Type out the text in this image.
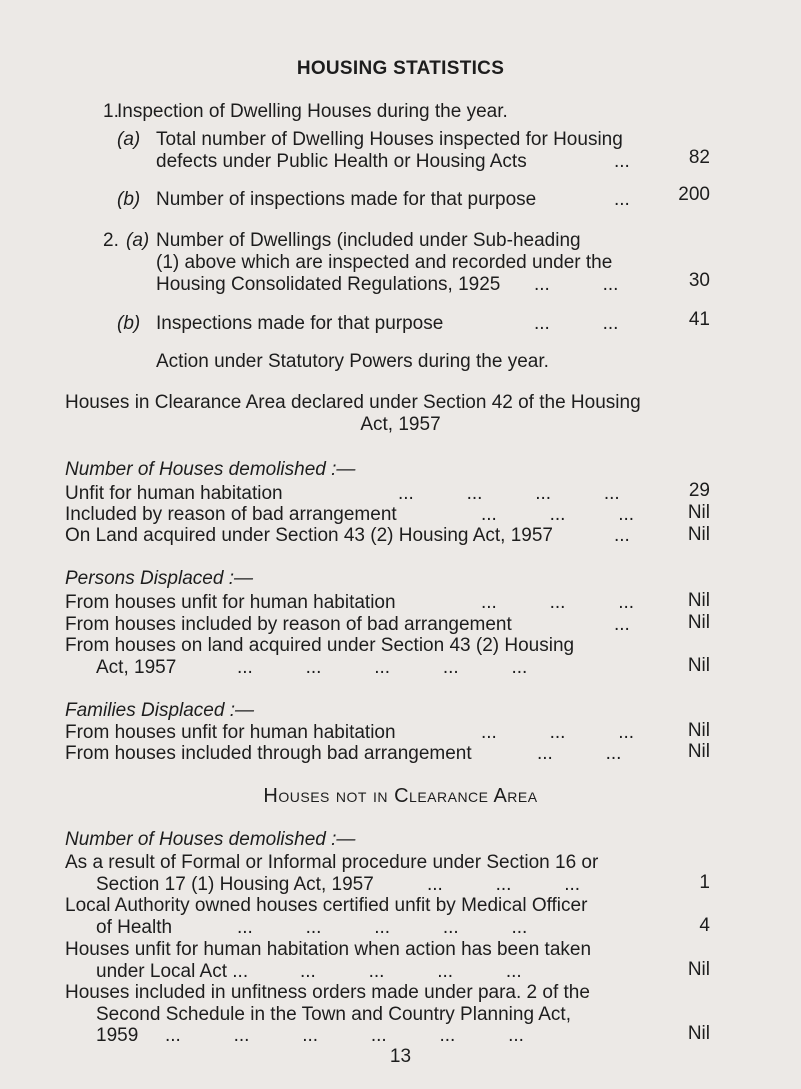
HOUSING STATISTICS
1.
Inspection of Dwelling Houses during the year.
(a) Total number of Dwelling Houses inspected for Housing
defects under Public Health or Housing Acts	...	82
(b) Number of inspections made for that purpose	...	200
2. (a) Number of Dwellings (included under Sub-heading
(1) above which are inspected and recorded under the
Housing Consolidated Regulations, 1925 ...          ...	30
(b) Inspections made for that purpose	...          ...	41
Action under Statutory Powers during the year.
Houses in Clearance Area declared under Section 42 of the Housing
Act, 1957
Number of Houses demolished :—
Unfit for human habitation	...          ...          ...          ...	29
Included by reason of bad arrangement	...          ...          ...	Nil
On Land acquired under Section 43 (2) Housing Act, 1957	...	Nil
Persons Displaced :—
From houses unfit for human habitation	...          ...          ...	Nil
From houses included by reason of bad arrangement	...	Nil
From houses on land acquired under Section 43 (2) Housing
Act, 1957	...          ...          ...          ...          ...	Nil
Families Displaced :—
From houses unfit for human habitation	...          ...          ...	Nil
From houses included through bad arrangement	...          ...	Nil
Houses not in Clearance Area
Number of Houses demolished :—
As a result of Formal or Informal procedure under Section 16 or
Section 17 (1) Housing Act, 1957	...          ...          ...	1
Local Authority owned houses certified unfit by Medical Officer
of Health	...          ...          ...          ...          ...	4
Houses unfit for human habitation when action has been taken
under Local Act ...	...          ...          ...          ...	Nil
Houses included in unfitness orders made under para. 2 of the
Second Schedule in the Town and Country Planning Act,
1959 ...          ...          ...          ...          ...          ...	Nil
13
